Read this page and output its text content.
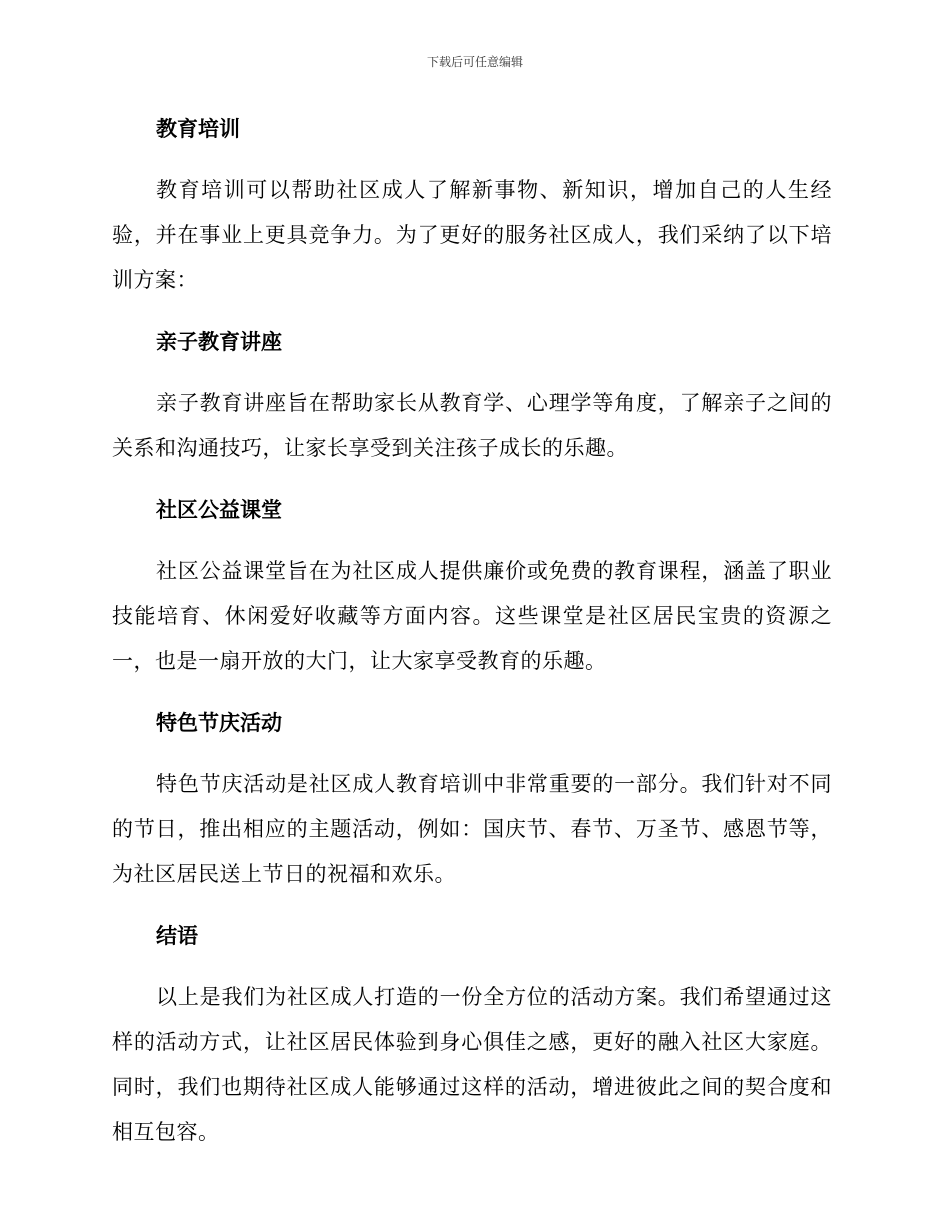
下载后可任意编辑
教育培训

教育培训可以帮助社区成人了解新事物、新知识，增加自己的人生经验，并在事业上更具竞争力。为了更好的服务社区成人，我们采纳了以下培训方案：

亲子教育讲座

亲子教育讲座旨在帮助家长从教育学、心理学等角度，了解亲子之间的关系和沟通技巧，让家长享受到关注孩子成长的乐趣。

社区公益课堂

社区公益课堂旨在为社区成人提供廉价或免费的教育课程，涵盖了职业技能培育、休闲爱好收藏等方面内容。这些课堂是社区居民宝贵的资源之一，也是一扇开放的大门，让大家享受教育的乐趣。

特色节庆活动

特色节庆活动是社区成人教育培训中非常重要的一部分。我们针对不同的节日，推出相应的主题活动，例如：国庆节、春节、万圣节、感恩节等，为社区居民送上节日的祝福和欢乐。

结语

以上是我们为社区成人打造的一份全方位的活动方案。我们希望通过这样的活动方式，让社区居民体验到身心俱佳之感，更好的融入社区大家庭。同时，我们也期待社区成人能够通过这样的活动，增进彼此之间的契合度和相互包容。
